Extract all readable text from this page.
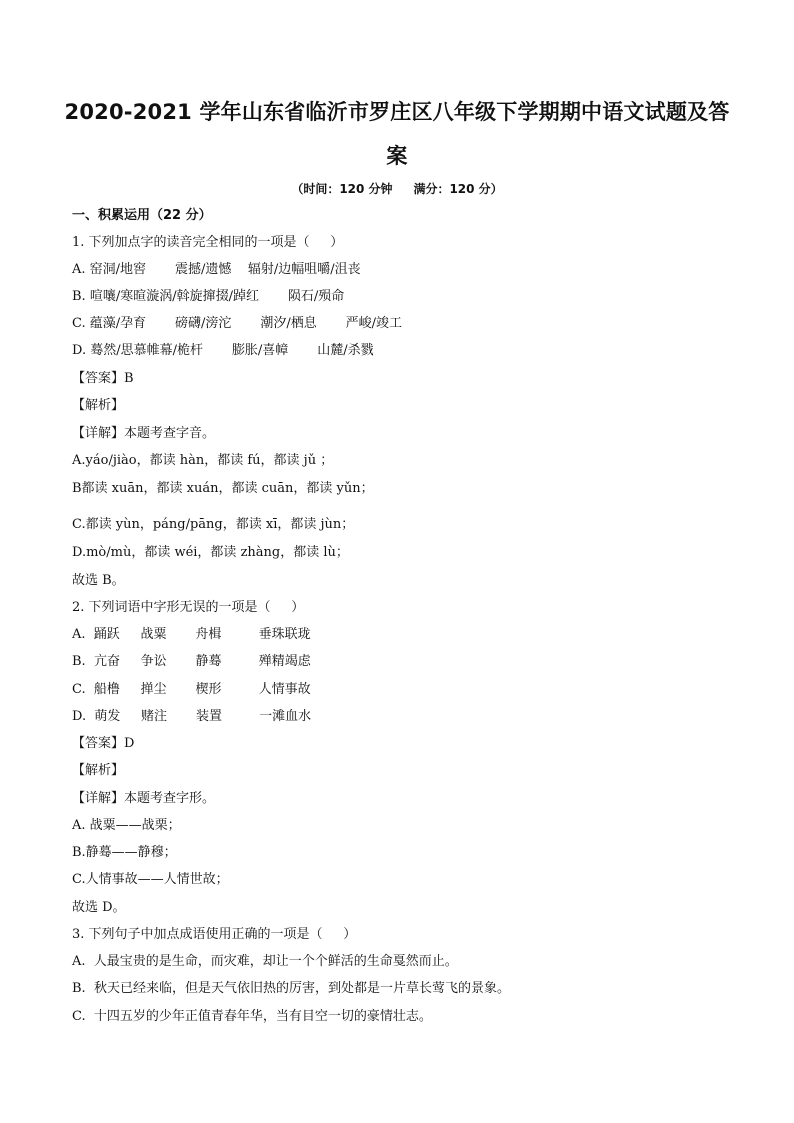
2020-2021 学年山东省临沂市罗庄区八年级下学期期中语文试题及答
案
（时间：120 分钟     满分：120 分）
一、积累运用（22 分）
1. 下列加点字的读音完全相同的一项是（     ）
A. 窑洞/地窖       震撼/遗憾    辐射/边幅咀嚼/沮丧
B. 喧嚷/寒暄漩涡/斡旋撺掇/踔红       陨石/殒命
C. 蕴藻/孕育       磅礴/滂沱       潮汐/栖息       严峻/竣工
D. 蓦然/思慕帷幕/桅杆       膨胀/喜幛       山麓/杀戮
【答案】B
【解析】
【详解】本题考查字音。
A.yáo/jiào，都读 hàn，都读 fú，都读 jǔ ；
B都读 xuān，都读 xuán，都读 cuān，都读 yǔn；
C.都读 yùn，páng/pāng，都读 xī，都读 jùn；
D.mò/mù，都读 wéi，都读 zhàng，都读 lù；
故选 B。
2. 下列词语中字形无误的一项是（     ）
A.  踊跃     战粟       舟楫         垂珠联珑
B.  亢奋     争讼       静蓦         殚精竭虑
C.  船橹     掸尘       楔形         人情事故
D.  萌发     赌注       装置         一滩血水
【答案】D
【解析】
【详解】本题考查字形。
A. 战粟——战栗；
B.静蓦——静穆；
C.人情事故——人情世故；
故选 D。
3. 下列句子中加点成语使用正确的一项是（     ）
A.  人最宝贵的是生命，而灾难，却让一个个鲜活的生命戛然而止。
B.  秋天已经来临，但是天气依旧热的厉害，到处都是一片草长莺飞的景象。
C.  十四五岁的少年正值青春年华，当有目空一切的豪情壮志。
